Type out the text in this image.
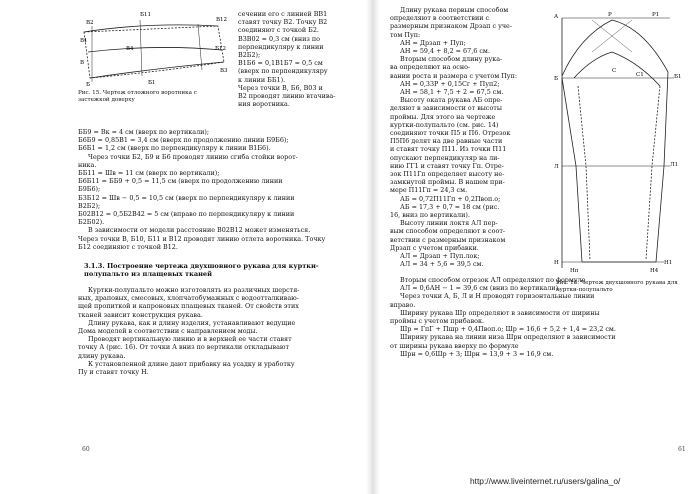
Б11
В2	В12
В1
Б12
В4
В
Б	Б1
В3

Рис. 15. Чертеж отложного воротника с застежкой доверху

сечении его с линией ВВ1

ставят точку В2. Точку В2

соединяют с точкой Б2.

В3В02 = 0,3 см (вниз по

перпендикуляру к линии

В2Б2);

В1Б6 = 0,1В1Б7 = 0,5 см

(вверх по перпендикуляру

к линии ББ1).

Через точки В, Б6, В03 и

В2 проводят линию втачива-

ния воротника.

ББ9 = Вк = 4 см (вверх по вертикали);

Б6Б9 = 0,85В1 = 3,4 см (вверх по продолжению линии Б9Б6);

Б6Б1 = 1,2 см (вверх по перпендикуляру к линии В1Б6).

Через точки Б2, Б9 и Б6 проводят линию сгиба стойки ворот-

ника.

ББ11 = Шв = 11 см (вверх по вертикали);

Б6Б11 = ББ9 + 0,5 = 11,5 см (вверх по продолжению линии

Б9Б6);

Б3Б12 = Шв − 0,5 = 10,5 см (вверх по перпендикуляру к линии

В2Б2);

Б02В12 = 0,5Б2В42 = 5 см (вправо по перпендикуляру к линии

Б2Б02).

В зависимости от модели расстояние В02В12 может изменяться.

Через точки В, Б10, Б11 и В12 проводят линию отлета воротника. Точку

Б12 соединяют с точкой В12.

3.1.3. Построение чертежа двухшовного рукава для куртки-полупальто из плащевых тканей

Куртки-полупальто можно изготовлять из различных шерстя-

ных, драповых, смесовых, хлопчатобумажных с водоотталкиваю-

щей пропиткой и капроновых плащевых тканей. От свойств этих

тканей зависит конструкция рукава.

Длину рукава, как и длину изделия, устанавливают ведущие

Дома моделей в соответствии с направлением моды.

Проводят вертикальную линию и в верхней ее части ставят

точку А (рис. 16). От точки А вниз по вертикали откладывают

длину рукава.

К установленной длине дают прибавку на усадку и уработку

Пу и ставят точку Н.

60

Длину рукава первым способом

определяют в соответствии с

размерным признаком Дрзап с уче-

том Пуп:

АН = Дрзап + Пуп;

АН = 59,4 + 8,2 = 67,6 см.

Вторым способом длину рука-

ва определяют на осно-

вании роста и размера с учетом Пуп:

АН = 0,33Р + 0,15Сг + Пуп2;

АН = 58,1 + 7,5 + 2 = 67,5 см.

Высоту оката рукава АБ опре-

деляют в зависимости от высоты

проймы. Для этого на чертеже

куртки-полупальто (см. рис. 14)

соединяют точки П5 и П6. Отрезок

П5П6 делят на две равные части

и ставят точку П11. Из точки П11

опускают перпендикуляр на ли-

нию ГГ1 и ставят точку Гп. Отре-

зок П11Гп определяет высоту не-

замкнутой проймы. В нашем при-

мере П11Гп = 24,3 см.

АБ = 0,72П11Гп + 0,2Пвоп.о;

АБ = 17,3 + 0,7 = 18 см (рис.

16, вниз по вертикали).

Высоту линии локтя АЛ пер-

вым способом определяют в соот-

ветствии с размерным признаком

Дрзап с учетом прибавки.

АЛ = Дрзап + Пуп.лок;

АЛ = 34 + 5,6 = 39,5 см.

А	Р	Р1
Б	Б1
С
С1
Л	Л1
Н	Н1
Нп	Н4

Рис. 16. Чертеж двухшовного рукава для куртки-полупальто

Вторым способом отрезок АЛ определяют по формуле

АЛ = 0,6АН − 1 = 39,6 см (вниз по вертикали).

Через точки А, Б, Л и Н проводят горизонтальные линии

вправо.

Ширину рукава Шр определяют в зависимости от ширины

проймы с учетом прибавок.

Шр = ГпГ + Пшр + 0,4Пвоп.о; Шр = 16,6 + 5,2 + 1,4 = 23,2 см.

Ширину рукава на линии низа Шрн определяют в зависимости

от ширины рукава вверху по формуле

Шрн = 0,6Шр + 3; Шрн = 13,9 + 3 = 16,9 см.

61
http://www.liveinternet.ru/users/galina_o/
